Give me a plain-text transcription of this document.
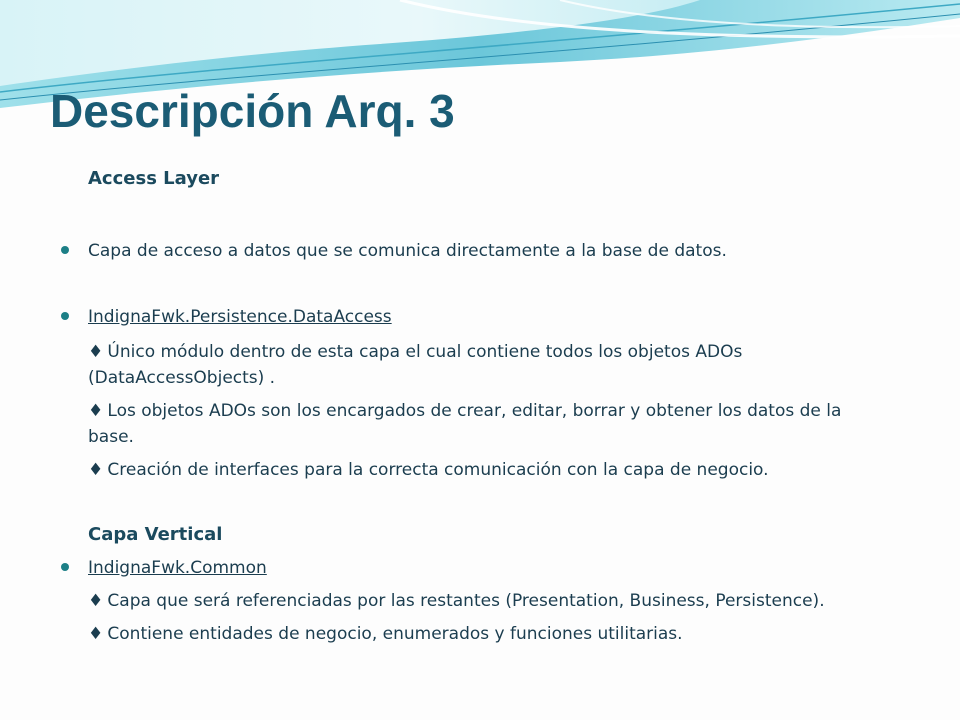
Descripción Arq. 3
Access Layer
Capa de acceso a datos que se comunica directamente a la base de datos.
IndignaFwk.Persistence.DataAccess
♦ Único módulo dentro de esta capa el cual contiene todos los objetos ADOs
(DataAccessObjects) .
♦ Los objetos ADOs son los encargados de crear, editar, borrar y obtener los datos de la
base.
♦ Creación de interfaces para la correcta comunicación con la capa de negocio.
Capa Vertical
IndignaFwk.Common
♦ Capa que será referenciadas por las restantes (Presentation, Business, Persistence).
♦ Contiene entidades de negocio, enumerados y funciones utilitarias.
